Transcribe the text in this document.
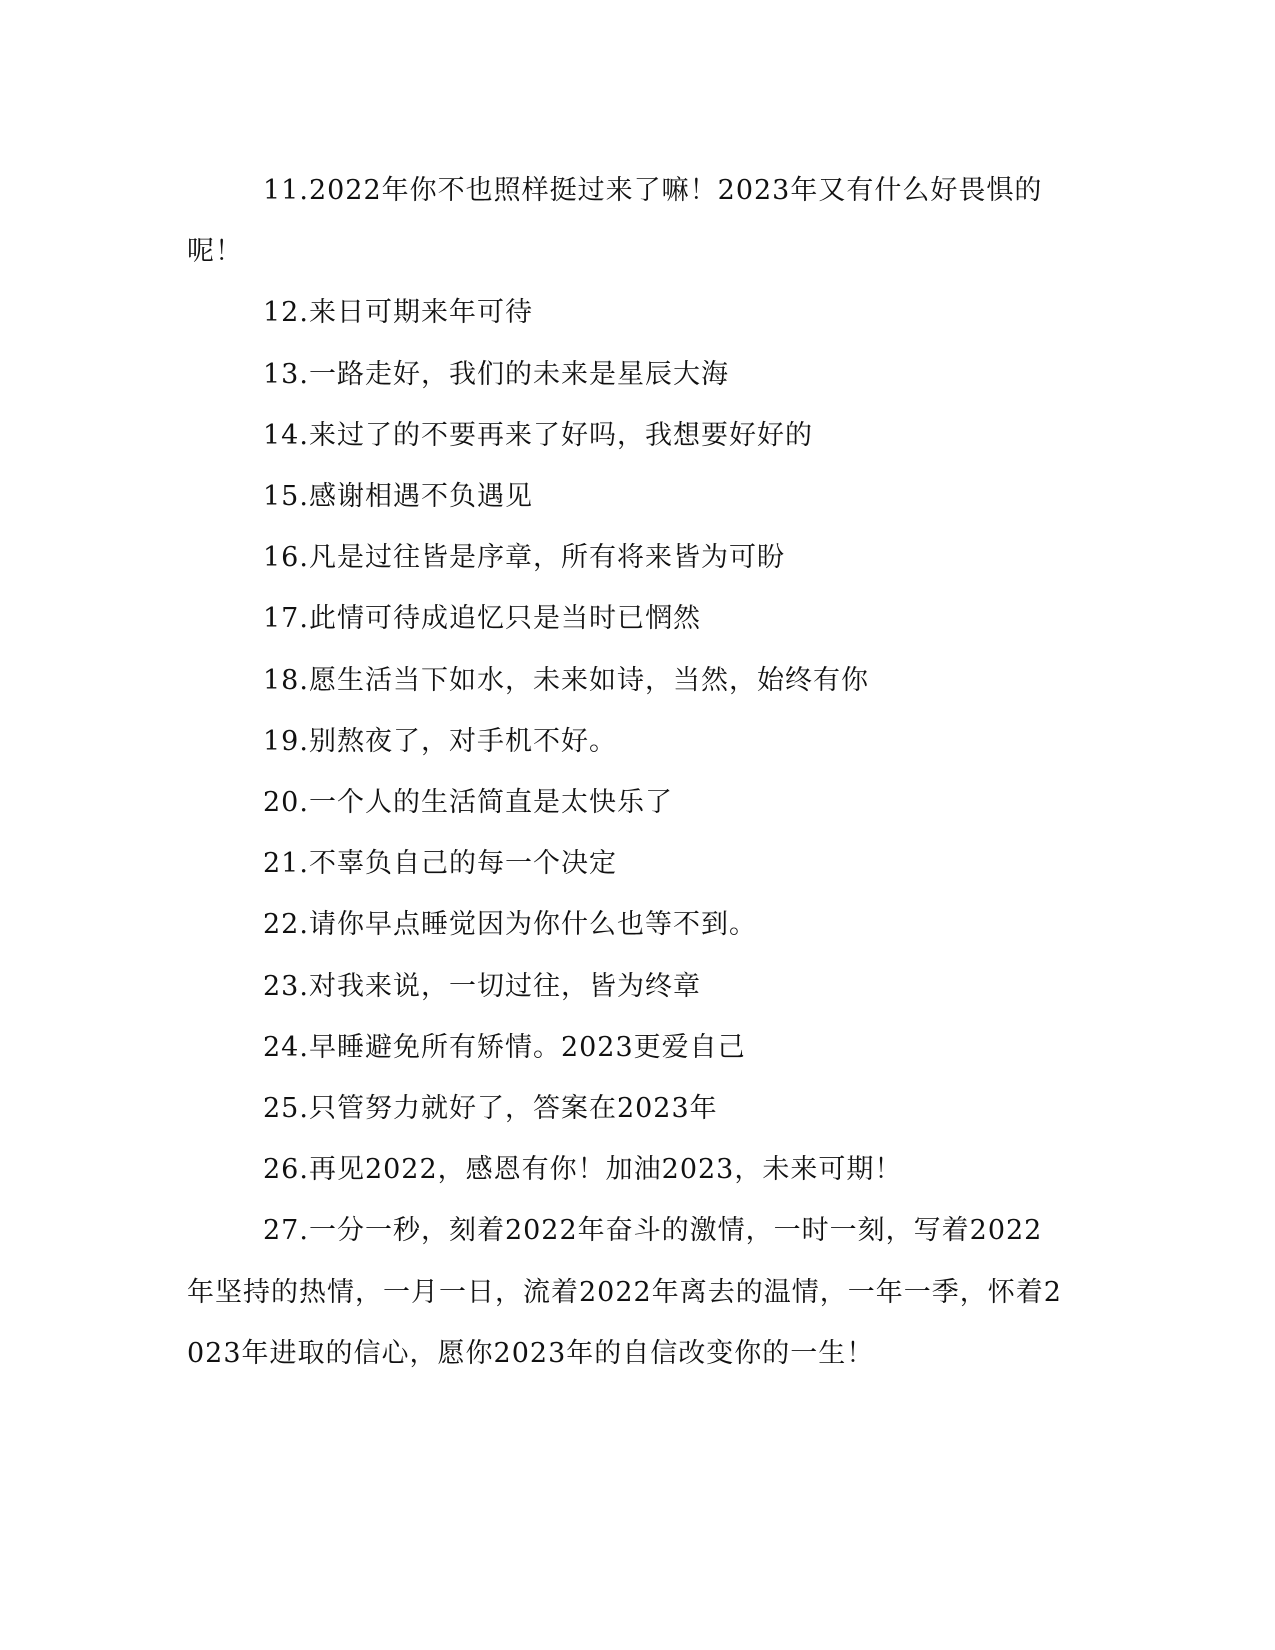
11.2022年你不也照样挺过来了嘛！2023年又有什么好畏惧的呢！

12.来日可期来年可待

13.一路走好，我们的未来是星辰大海

14.来过了的不要再来了好吗，我想要好好的

15.感谢相遇不负遇见

16.凡是过往皆是序章，所有将来皆为可盼

17.此情可待成追忆只是当时已惘然

18.愿生活当下如水，未来如诗，当然，始终有你

19.别熬夜了，对手机不好。

20.一个人的生活简直是太快乐了

21.不辜负自己的每一个决定

22.请你早点睡觉因为你什么也等不到。

23.对我来说，一切过往，皆为终章

24.早睡避免所有矫情。2023更爱自己

25.只管努力就好了，答案在2023年

26.再见2022，感恩有你！加油2023，未来可期！

27.一分一秒，刻着2022年奋斗的激情，一时一刻，写着2022年坚持的热情，一月一日，流着2022年离去的温情，一年一季，怀着2023年进取的信心，愿你2023年的自信改变你的一生！
